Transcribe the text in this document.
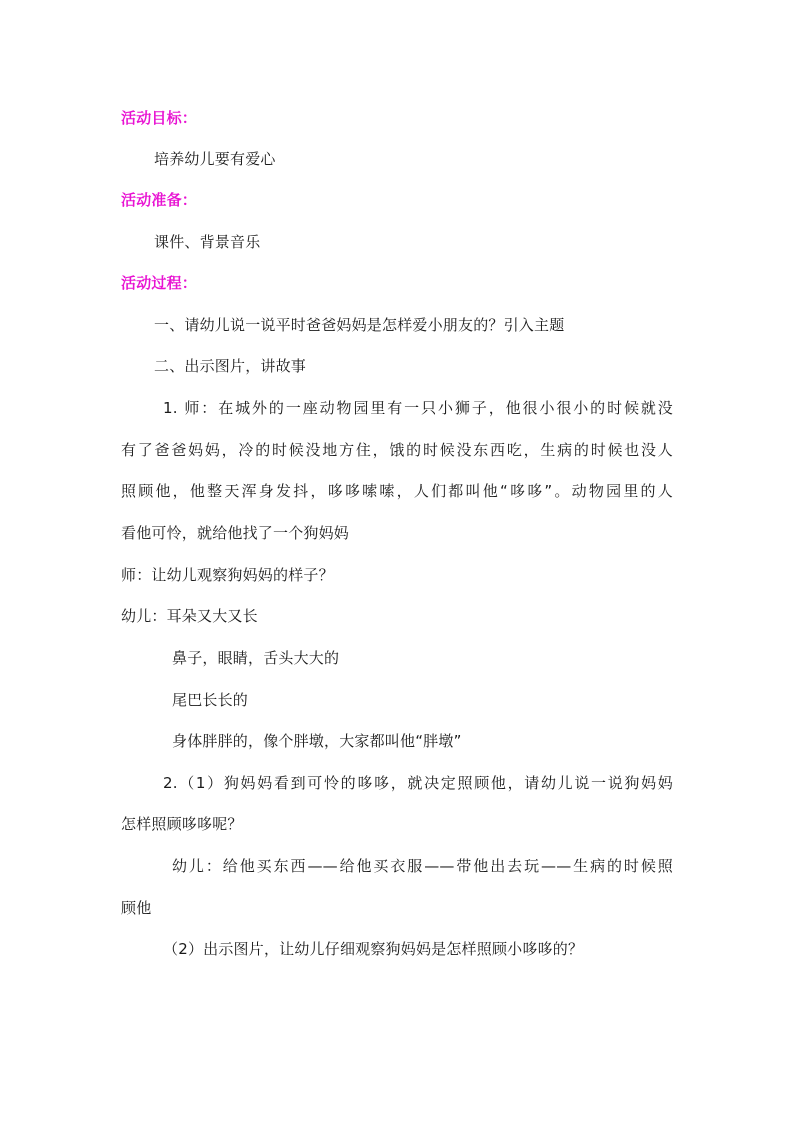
活动目标：
培养幼儿要有爱心
活动准备：
课件、背景音乐
活动过程：
一、请幼儿说一说平时爸爸妈妈是怎样爱小朋友的？引入主题
二、出示图片，讲故事
1. 师：在城外的一座动物园里有一只小狮子，他很小很小的时候就没
有了爸爸妈妈，冷的时候没地方住，饿的时候没东西吃，生病的时候也没人
照顾他，他整天浑身发抖，哆哆嗦嗦，人们都叫他“哆哆”。动物园里的人
看他可怜，就给他找了一个狗妈妈
师：让幼儿观察狗妈妈的样子？
幼儿：耳朵又大又长
鼻子，眼睛，舌头大大的
尾巴长长的
身体胖胖的，像个胖墩，大家都叫他“胖墩”
2.（1）狗妈妈看到可怜的哆哆，就决定照顾他，请幼儿说一说狗妈妈
怎样照顾哆哆呢？
幼儿：给他买东西——给他买衣服——带他出去玩——生病的时候照
顾他
（2）出示图片，让幼儿仔细观察狗妈妈是怎样照顾小哆哆的？
